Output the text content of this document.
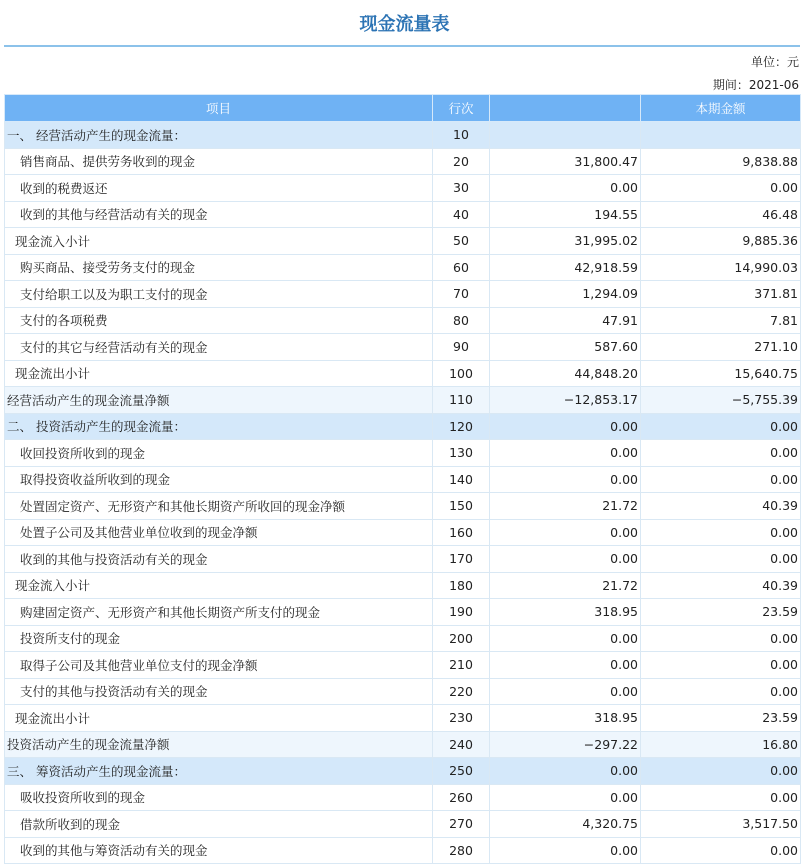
现金流量表
单位：元
期间：2021-06
项目	行次		本期金额
一、 经营活动产生的现金流量：	10		
销售商品、提供劳务收到的现金	20	31,800.47	9,838.88
收到的税费返还	30	0.00	0.00
收到的其他与经营活动有关的现金	40	194.55	46.48
现金流入小计	50	31,995.02	9,885.36
购买商品、接受劳务支付的现金	60	42,918.59	14,990.03
支付给职工以及为职工支付的现金	70	1,294.09	371.81
支付的各项税费	80	47.91	7.81
支付的其它与经营活动有关的现金	90	587.60	271.10
现金流出小计	100	44,848.20	15,640.75
经营活动产生的现金流量净额	110	−12,853.17	−5,755.39
二、 投资活动产生的现金流量：	120	0.00	0.00
收回投资所收到的现金	130	0.00	0.00
取得投资收益所收到的现金	140	0.00	0.00
处置固定资产、无形资产和其他长期资产所收回的现金净额	150	21.72	40.39
处置子公司及其他营业单位收到的现金净额	160	0.00	0.00
收到的其他与投资活动有关的现金	170	0.00	0.00
现金流入小计	180	21.72	40.39
购建固定资产、无形资产和其他长期资产所支付的现金	190	318.95	23.59
投资所支付的现金	200	0.00	0.00
取得子公司及其他营业单位支付的现金净额	210	0.00	0.00
支付的其他与投资活动有关的现金	220	0.00	0.00
现金流出小计	230	318.95	23.59
投资活动产生的现金流量净额	240	−297.22	16.80
三、 筹资活动产生的现金流量：	250	0.00	0.00
吸收投资所收到的现金	260	0.00	0.00
借款所收到的现金	270	4,320.75	3,517.50
收到的其他与筹资活动有关的现金	280	0.00	0.00
